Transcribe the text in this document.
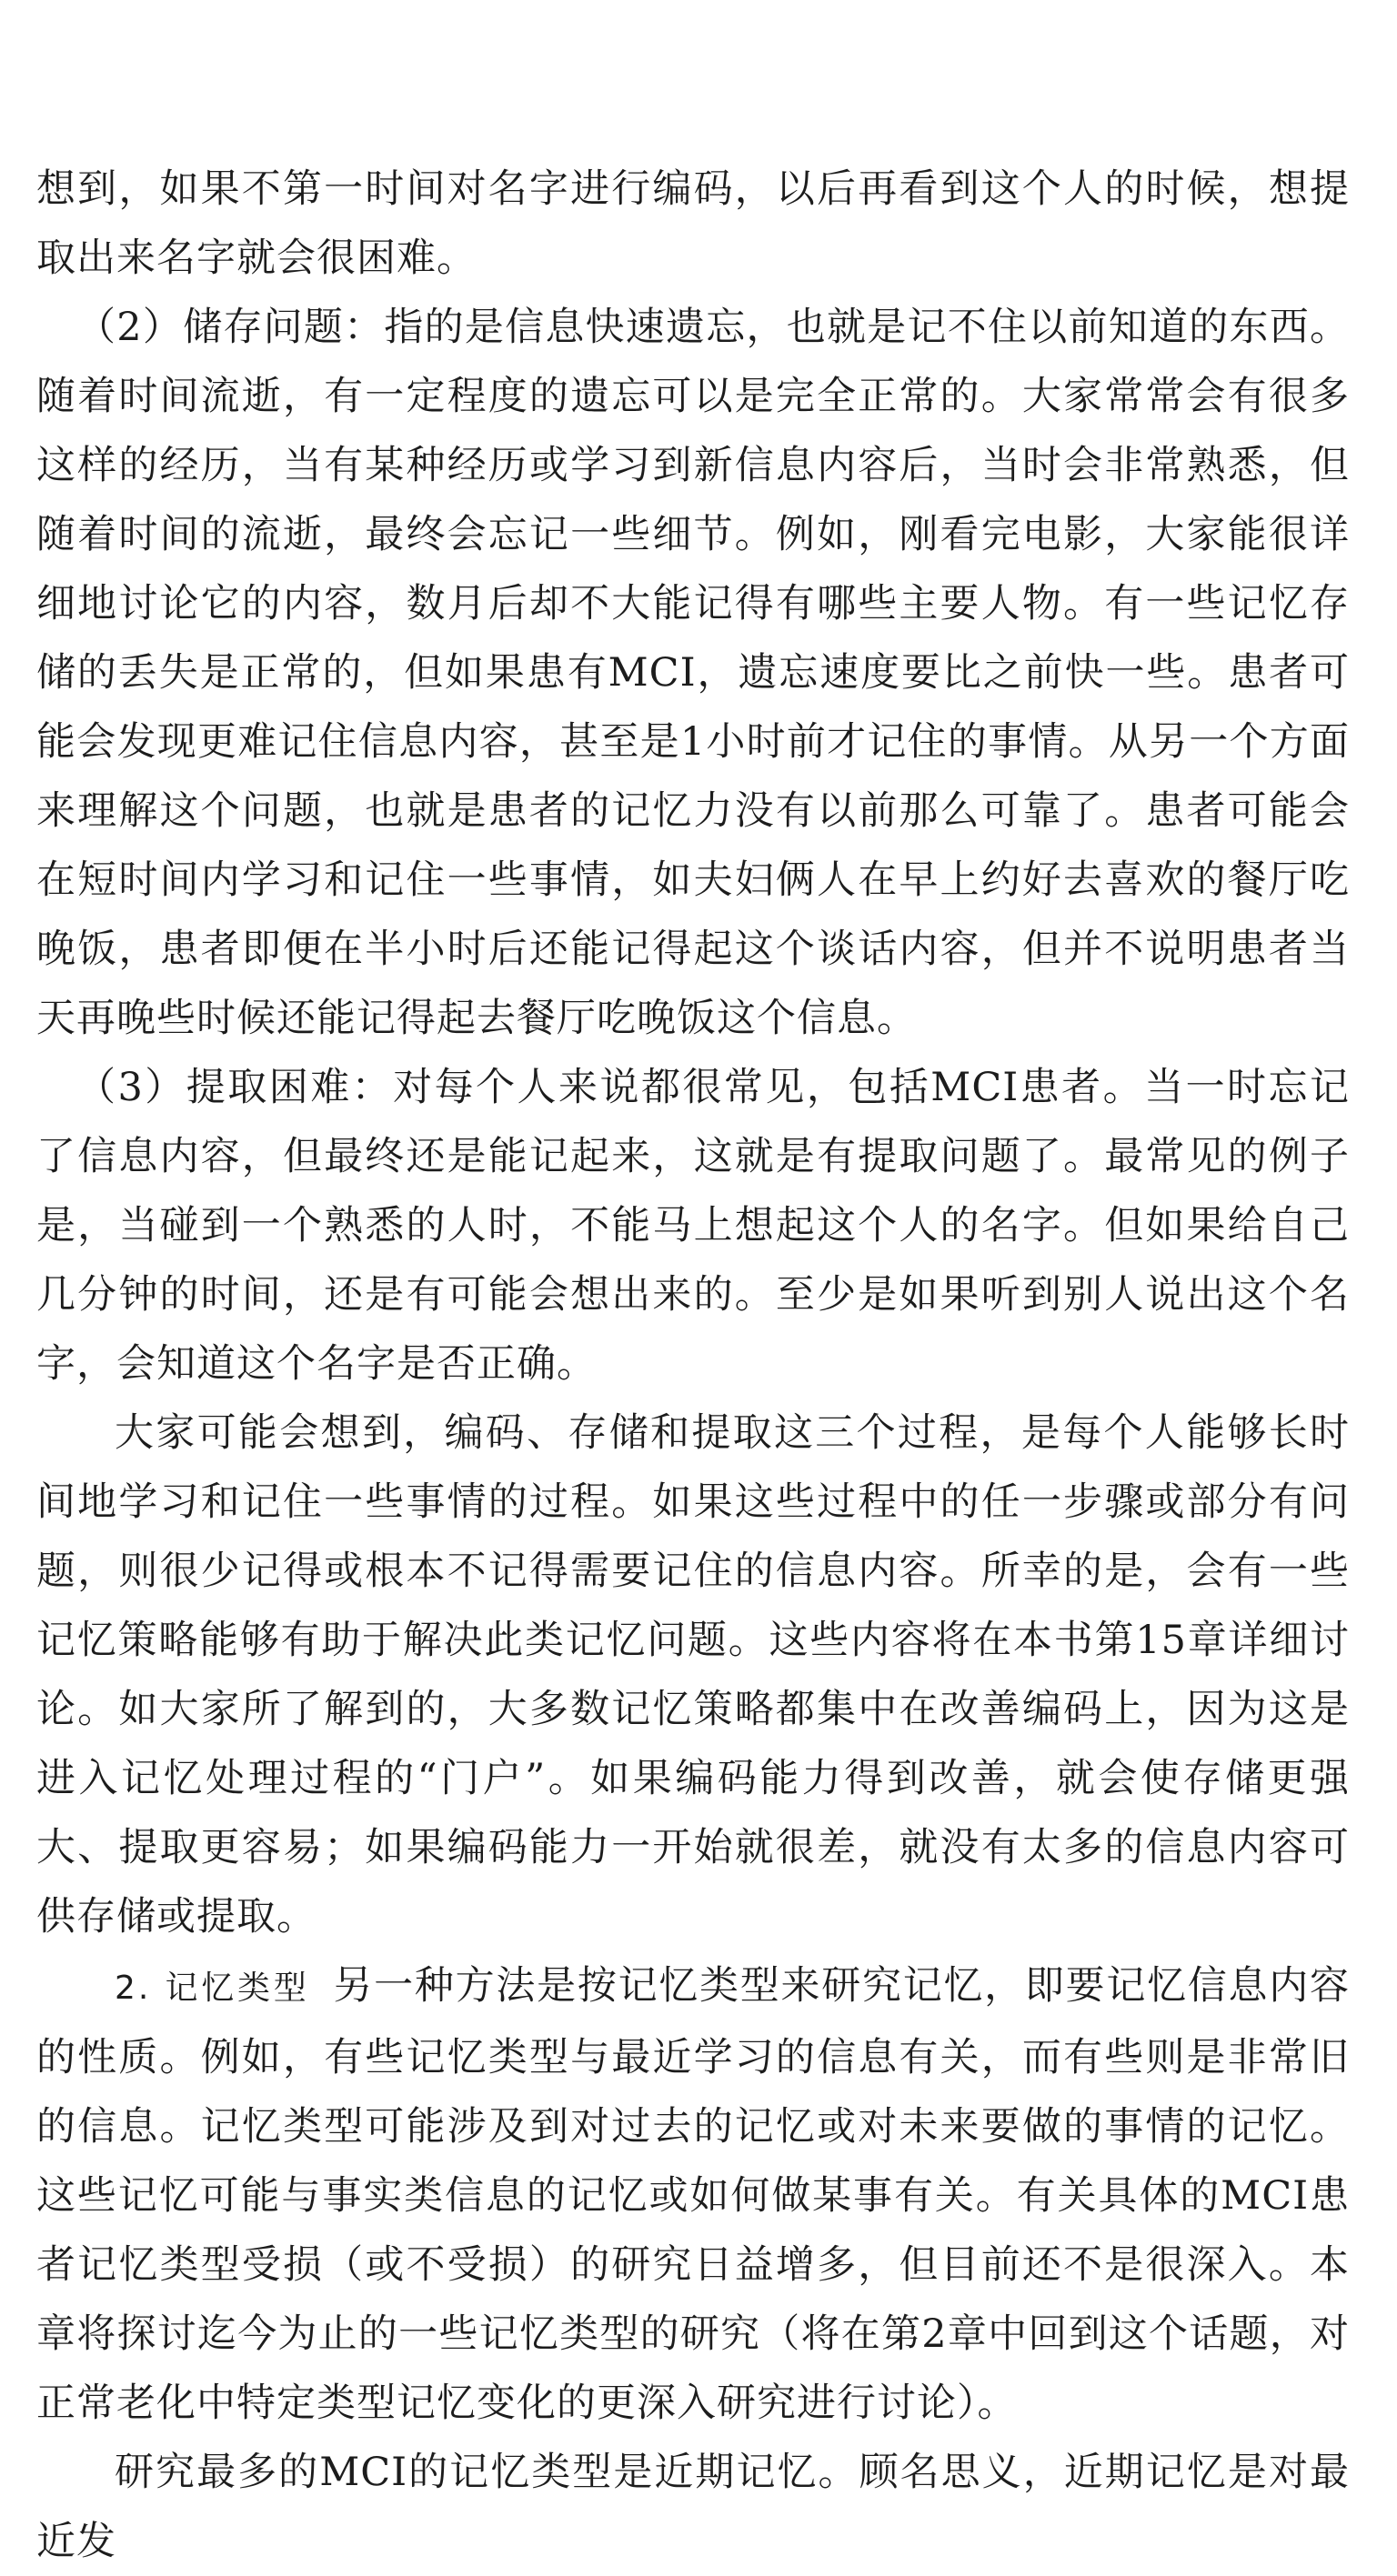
想到，如果不第一时间对名字进行编码，以后再看到这个人的时候，想提取出来名字就会很困难。

（2）储存问题：指的是信息快速遗忘，也就是记不住以前知道的东西。随着时间流逝，有一定程度的遗忘可以是完全正常的。大家常常会有很多这样的经历，当有某种经历或学习到新信息内容后，当时会非常熟悉，但随着时间的流逝，最终会忘记一些细节。例如，刚看完电影，大家能很详细地讨论它的内容，数月后却不大能记得有哪些主要人物。有一些记忆存储的丢失是正常的，但如果患有MCI，遗忘速度要比之前快一些。患者可能会发现更难记住信息内容，甚至是1小时前才记住的事情。从另一个方面来理解这个问题，也就是患者的记忆力没有以前那么可靠了。患者可能会在短时间内学习和记住一些事情，如夫妇俩人在早上约好去喜欢的餐厅吃晚饭，患者即便在半小时后还能记得起这个谈话内容，但并不说明患者当天再晚些时候还能记得起去餐厅吃晚饭这个信息。

（3）提取困难：对每个人来说都很常见，包括MCI患者。当一时忘记了信息内容，但最终还是能记起来，这就是有提取问题了。最常见的例子是，当碰到一个熟悉的人时，不能马上想起这个人的名字。但如果给自己几分钟的时间，还是有可能会想出来的。至少是如果听到别人说出这个名字，会知道这个名字是否正确。

大家可能会想到，编码、存储和提取这三个过程，是每个人能够长时间地学习和记住一些事情的过程。如果这些过程中的任一步骤或部分有问题，则很少记得或根本不记得需要记住的信息内容。所幸的是，会有一些记忆策略能够有助于解决此类记忆问题。这些内容将在本书第15章详细讨论。如大家所了解到的，大多数记忆策略都集中在改善编码上，因为这是进入记忆处理过程的“门户”。如果编码能力得到改善，就会使存储更强大、提取更容易；如果编码能力一开始就很差，就没有太多的信息内容可供存储或提取。

2. 记忆类型 另一种方法是按记忆类型来研究记忆，即要记忆信息内容的性质。例如，有些记忆类型与最近学习的信息有关，而有些则是非常旧的信息。记忆类型可能涉及到对过去的记忆或对未来要做的事情的记忆。这些记忆可能与事实类信息的记忆或如何做某事有关。有关具体的MCI患者记忆类型受损（或不受损）的研究日益增多，但目前还不是很深入。本章将探讨迄今为止的一些记忆类型的研究（将在第2章中回到这个话题，对正常老化中特定类型记忆变化的更深入研究进行讨论）。

研究最多的MCI的记忆类型是近期记忆。顾名思义，近期记忆是对最近发
